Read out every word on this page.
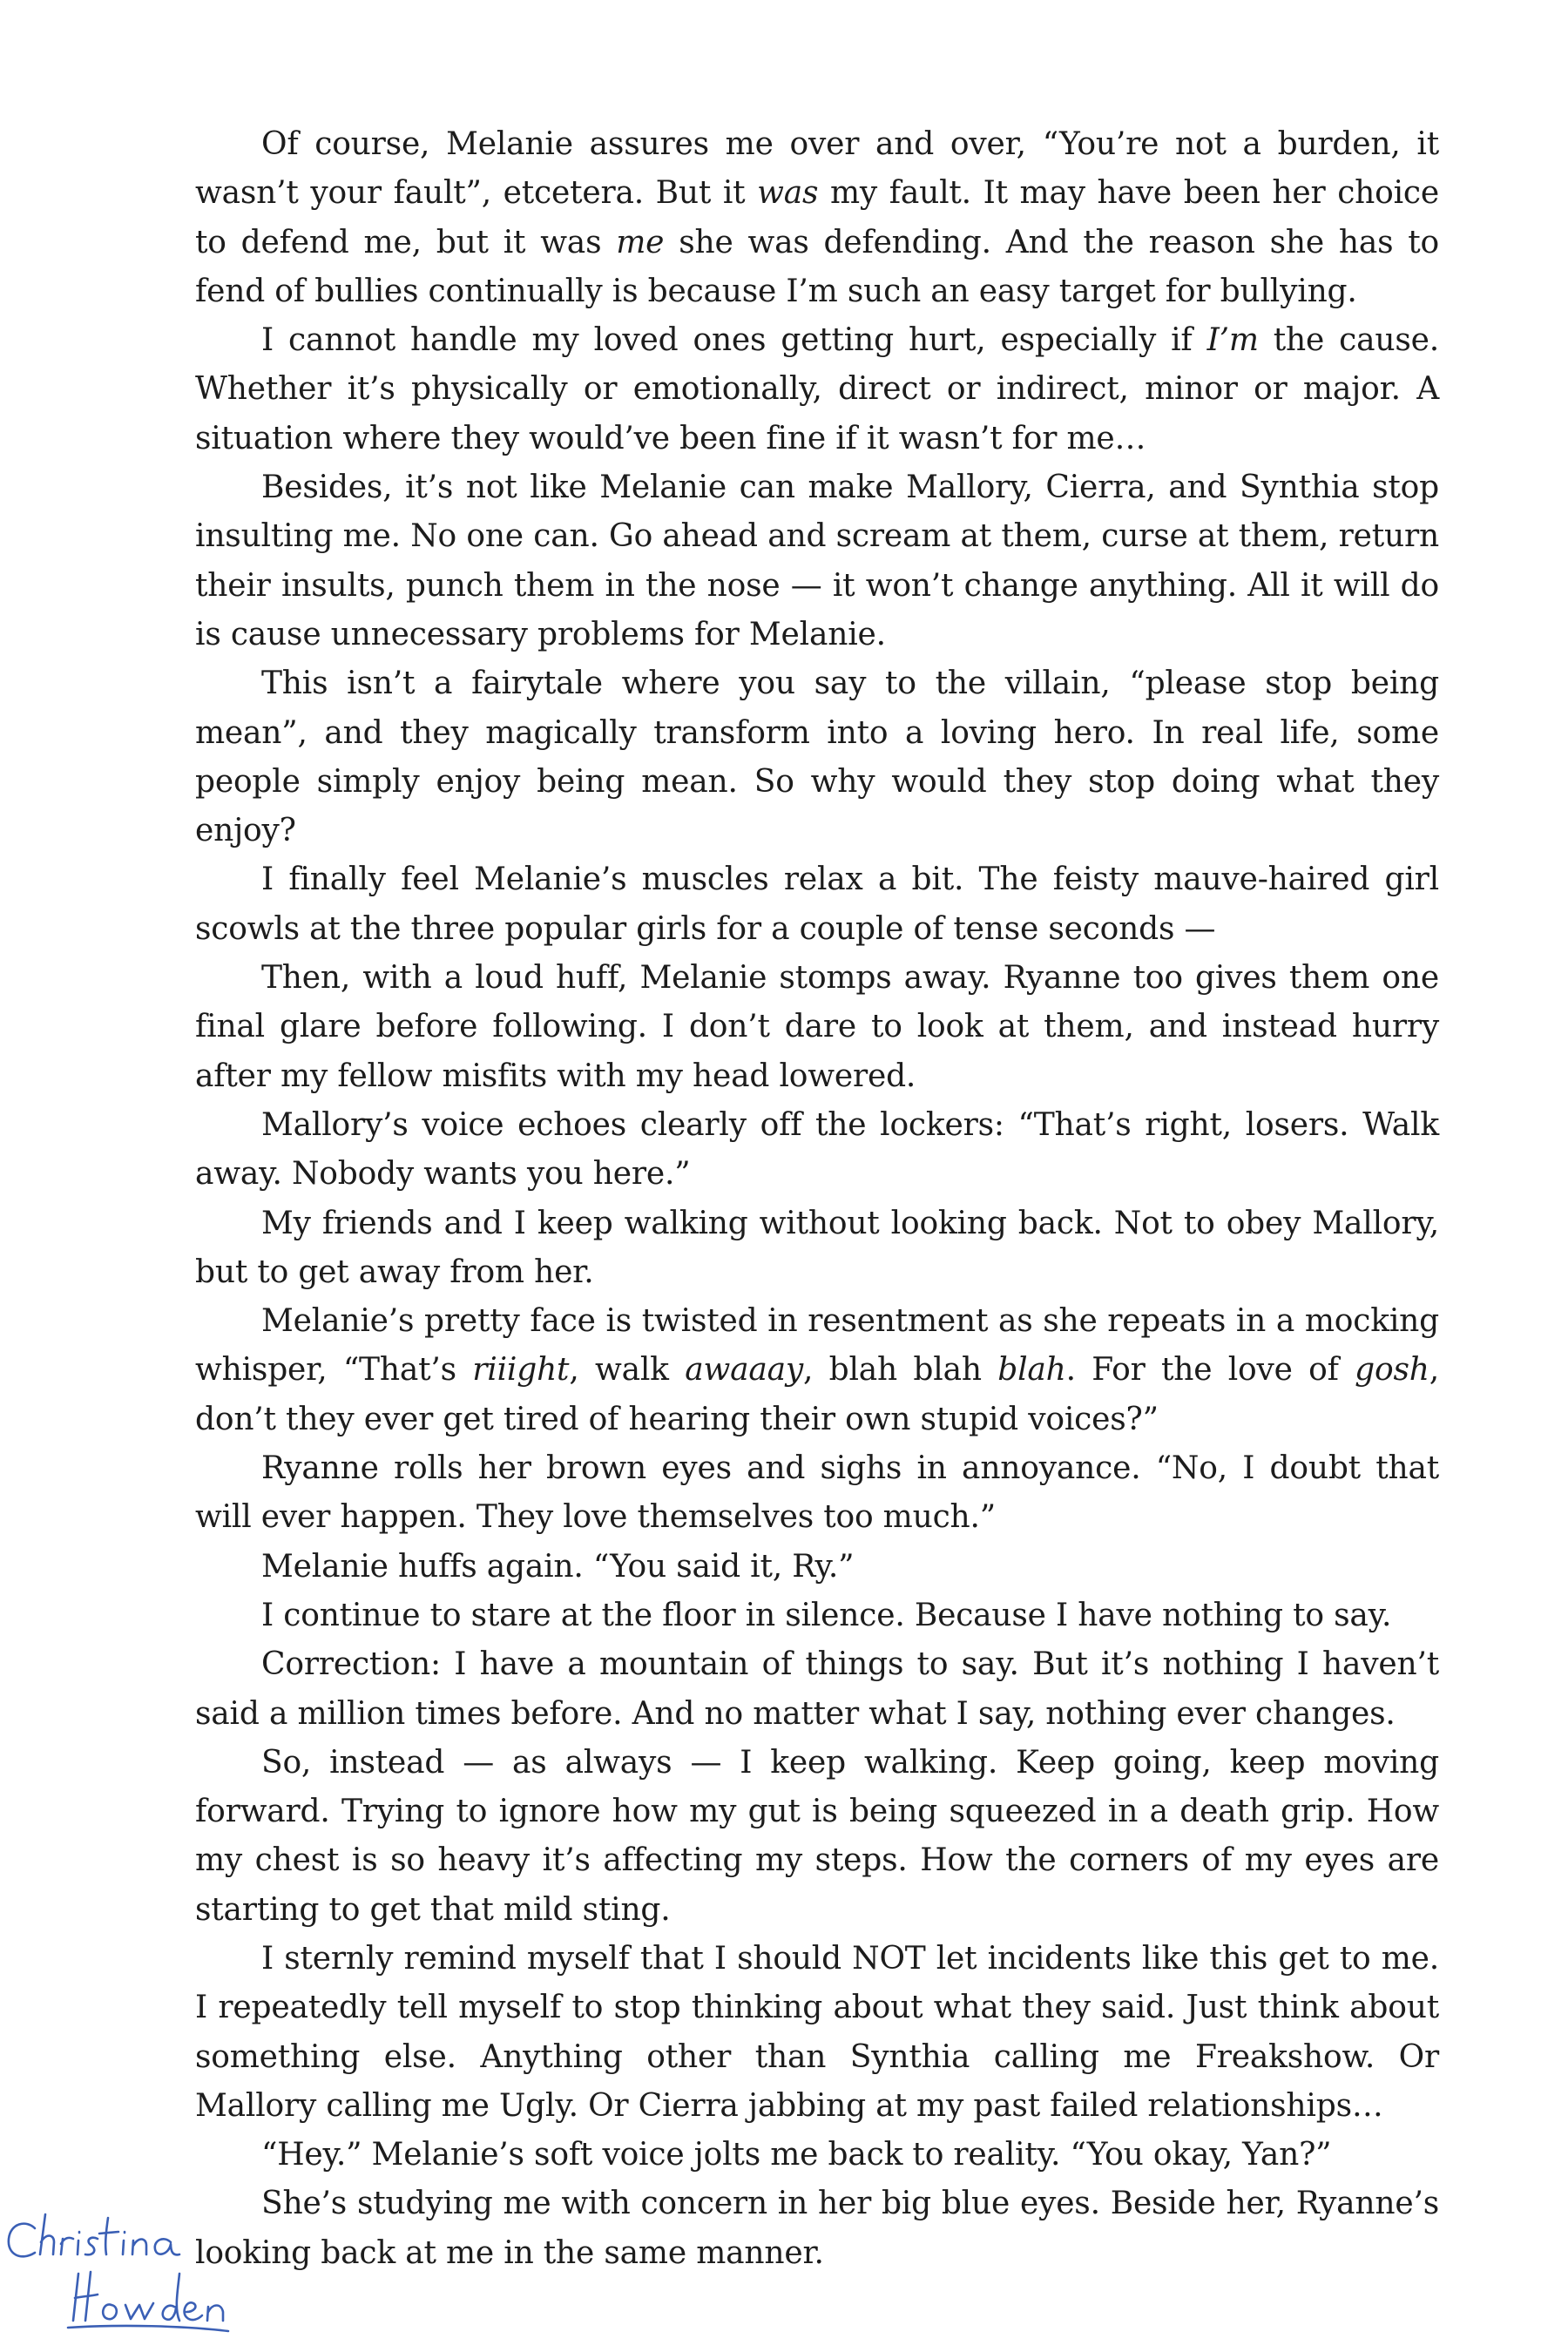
Of course, Melanie assures me over and over, “You’re not a burden, it wasn’t your fault”, etcetera. But it was my fault. It may have been her choice to defend me, but it was me she was defending. And the reason she has to fend of bullies continually is because I’m such an easy target for bullying.

I cannot handle my loved ones getting hurt, especially if I’m the cause. Whether it’s physically or emotionally, direct or indirect, minor or major. A situation where they would’ve been fine if it wasn’t for me…

Besides, it’s not like Melanie can make Mallory, Cierra, and Synthia stop insulting me. No one can. Go ahead and scream at them, curse at them, return their insults, punch them in the nose — it won’t change anything. All it will do is cause unnecessary problems for Melanie.

This isn’t a fairytale where you say to the villain, “please stop being mean”, and they magically transform into a loving hero. In real life, some people simply enjoy being mean. So why would they stop doing what they enjoy?

I finally feel Melanie’s muscles relax a bit. The feisty mauve-haired girl scowls at the three popular girls for a couple of tense seconds —

Then, with a loud huff, Melanie stomps away. Ryanne too gives them one final glare before following. I don’t dare to look at them, and instead hurry after my fellow misfits with my head lowered.

Mallory’s voice echoes clearly off the lockers: “That’s right, losers. Walk away. Nobody wants you here.”

My friends and I keep walking without looking back. Not to obey Mallory, but to get away from her.

Melanie’s pretty face is twisted in resentment as she repeats in a mocking whisper, “That’s riiight, walk awaaay, blah blah blah. For the love of gosh, don’t they ever get tired of hearing their own stupid voices?”

Ryanne rolls her brown eyes and sighs in annoyance. “No, I doubt that will ever happen. They love themselves too much.”

Melanie huffs again. “You said it, Ry.”

I continue to stare at the floor in silence. Because I have nothing to say.

Correction: I have a mountain of things to say. But it’s nothing I haven’t said a million times before. And no matter what I say, nothing ever changes.

So, instead — as always — I keep walking. Keep going, keep moving forward. Trying to ignore how my gut is being squeezed in a death grip. How my chest is so heavy it’s affecting my steps. How the corners of my eyes are starting to get that mild sting.

I sternly remind myself that I should NOT let incidents like this get to me. I repeatedly tell myself to stop thinking about what they said. Just think about something else. Anything other than Synthia calling me Freakshow. Or Mallory calling me Ugly. Or Cierra jabbing at my past failed relationships…

“Hey.” Melanie’s soft voice jolts me back to reality. “You okay, Yan?”

She’s studying me with concern in her big blue eyes. Beside her, Ryanne’s looking back at me in the same manner.
